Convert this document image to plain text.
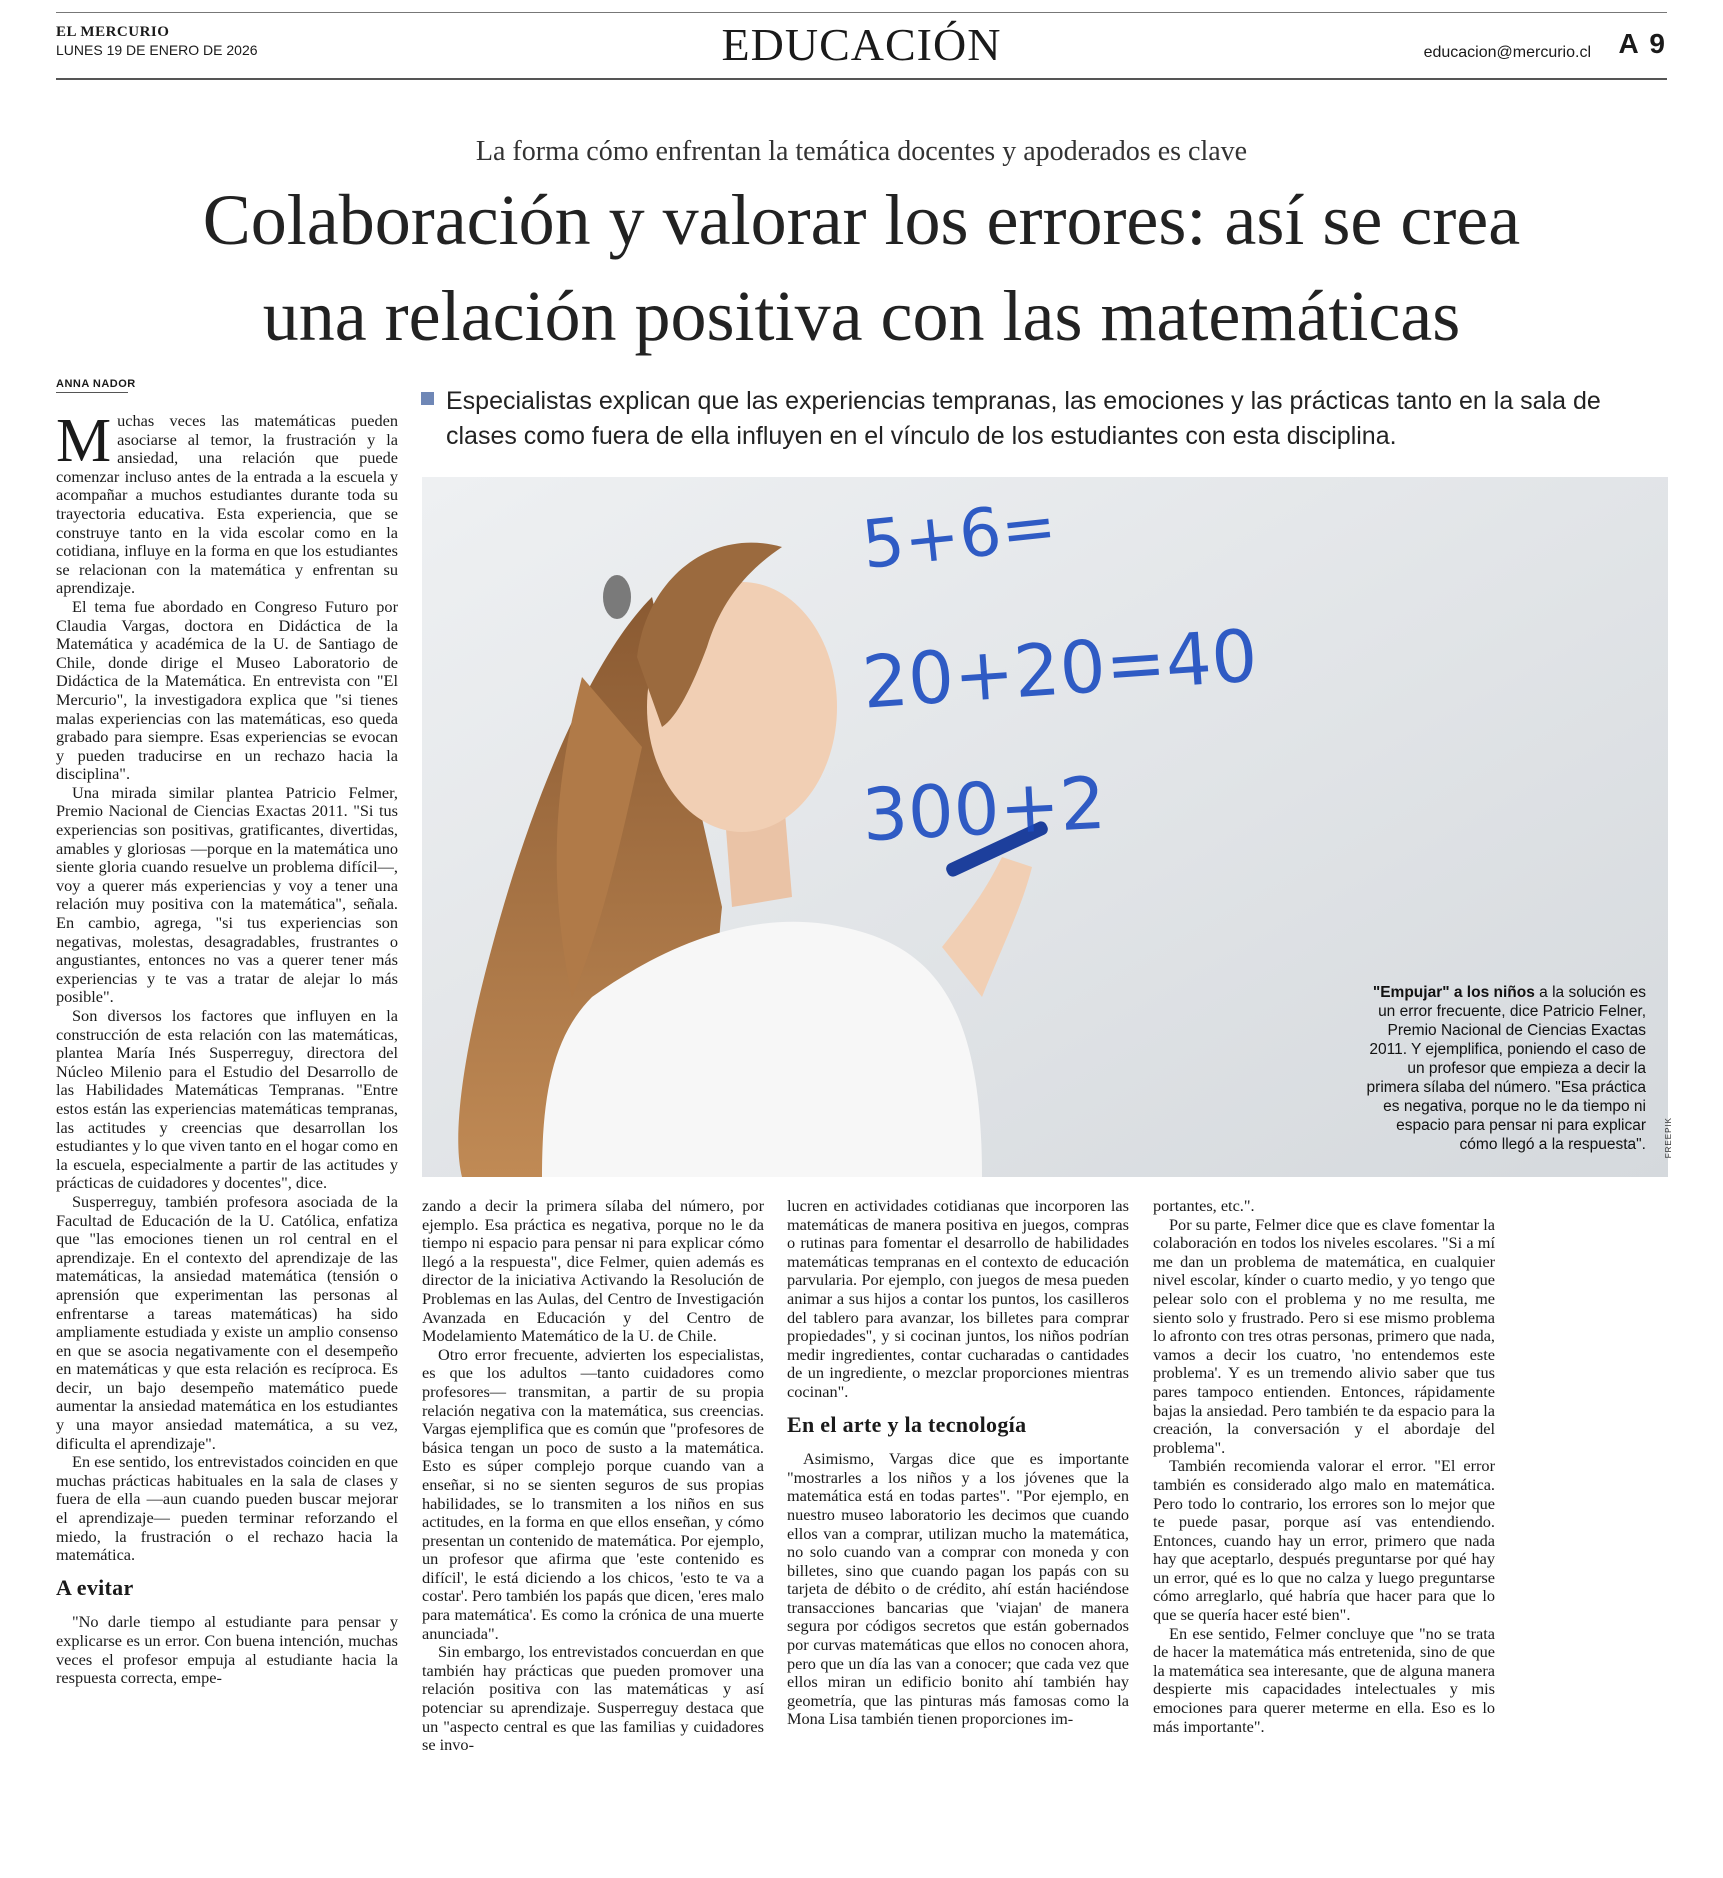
EL MERCURIO
LUNES 19 DE ENERO DE 2026	EDUCACIÓN	educacion@mercurio.cl A 9
La forma cómo enfrentan la temática docentes y apoderados es clave
Colaboración y valorar los errores: así se crea
una relación positiva con las matemáticas
ANNA NADOR
Especialistas explican que las experiencias tempranas, las emociones y las prácticas tanto en la sala de clases como fuera de ella influyen en el vínculo de los estudiantes con esta disciplina.
5+6=
20+20=40
300+2
"Empujar" a los niños a la solución es un error frecuente, dice Patricio Felner, Premio Nacional de Ciencias Exactas 2011. Y ejemplifica, poniendo el caso de un profesor que empieza a decir la primera sílaba del número. "Esa práctica es negativa, porque no le da tiempo ni espacio para pensar ni para explicar cómo llegó a la respuesta". FREEPIK

Muchas veces las matemáticas pueden asociarse al temor, la frustración y la ansiedad, una relación que puede comenzar incluso antes de la entrada a la escuela y acompañar a muchos estudiantes durante toda su trayectoria educativa. Esta experiencia, que se construye tanto en la vida escolar como en la cotidiana, influye en la forma en que los estudiantes se relacionan con la matemática y enfrentan su aprendizaje.

El tema fue abordado en Congreso Futuro por Claudia Vargas, doctora en Didáctica de la Matemática y académica de la U. de Santiago de Chile, donde dirige el Museo Laboratorio de Didáctica de la Matemática. En entrevista con "El Mercurio", la investigadora explica que "si tienes malas experiencias con las matemáticas, eso queda grabado para siempre. Esas experiencias se evocan y pueden traducirse en un rechazo hacia la disciplina".

Una mirada similar plantea Patricio Felmer, Premio Nacional de Ciencias Exactas 2011. "Si tus experiencias son positivas, gratificantes, divertidas, amables y gloriosas —porque en la matemática uno siente gloria cuando resuelve un problema difícil—, voy a querer más experiencias y voy a tener una relación muy positiva con la matemática", señala. En cambio, agrega, "si tus experiencias son negativas, molestas, desagradables, frustrantes o angustiantes, entonces no vas a querer tener más experiencias y te vas a tratar de alejar lo más posible".

Son diversos los factores que influyen en la construcción de esta relación con las matemáticas, plantea María Inés Susperreguy, directora del Núcleo Milenio para el Estudio del Desarrollo de las Habilidades Matemáticas Tempranas. "Entre estos están las experiencias matemáticas tempranas, las actitudes y creencias que desarrollan los estudiantes y lo que viven tanto en el hogar como en la escuela, especialmente a partir de las actitudes y prácticas de cuidadores y docentes", dice.

Susperreguy, también profesora asociada de la Facultad de Educación de la U. Católica, enfatiza que "las emociones tienen un rol central en el aprendizaje. En el contexto del aprendizaje de las matemáticas, la ansiedad matemática (tensión o aprensión que experimentan las personas al enfrentarse a tareas matemáticas) ha sido ampliamente estudiada y existe un amplio consenso en que se asocia negativamente con el desempeño en matemáticas y que esta relación es recíproca. Es decir, un bajo desempeño matemático puede aumentar la ansiedad matemática en los estudiantes y una mayor ansiedad matemática, a su vez, dificulta el aprendizaje".

En ese sentido, los entrevistados coinciden en que muchas prácticas habituales en la sala de clases y fuera de ella —aun cuando pueden buscar mejorar el aprendizaje— pueden terminar reforzando el miedo, la frustración o el rechazo hacia la matemática.

A evitar

"No darle tiempo al estudiante para pensar y explicarse es un error. Con buena intención, muchas veces el profesor empuja al estudiante hacia la respuesta correcta, empe-

zando a decir la primera sílaba del número, por ejemplo. Esa práctica es negativa, porque no le da tiempo ni espacio para pensar ni para explicar cómo llegó a la respuesta", dice Felmer, quien además es director de la iniciativa Activando la Resolución de Problemas en las Aulas, del Centro de Investigación Avanzada en Educación y del Centro de Modelamiento Matemático de la U. de Chile.

Otro error frecuente, advierten los especialistas, es que los adultos —tanto cuidadores como profesores— transmitan, a partir de su propia relación negativa con la matemática, sus creencias. Vargas ejemplifica que es común que "profesores de básica tengan un poco de susto a la matemática. Esto es súper complejo porque cuando van a enseñar, si no se sienten seguros de sus propias habilidades, se lo transmiten a los niños en sus actitudes, en la forma en que ellos enseñan, y cómo presentan un contenido de matemática. Por ejemplo, un profesor que afirma que 'este contenido es difícil', le está diciendo a los chicos, 'esto te va a costar'. Pero también los papás que dicen, 'eres malo para matemática'. Es como la crónica de una muerte anunciada".

Sin embargo, los entrevistados concuerdan en que también hay prácticas que pueden promover una relación positiva con las matemáticas y así potenciar su aprendizaje. Susperreguy destaca que un "aspecto central es que las familias y cuidadores se invo-

lucren en actividades cotidianas que incorporen las matemáticas de manera positiva en juegos, compras o rutinas para fomentar el desarrollo de habilidades matemáticas tempranas en el contexto de educación parvularia. Por ejemplo, con juegos de mesa pueden animar a sus hijos a contar los puntos, los casilleros del tablero para avanzar, los billetes para comprar propiedades", y si cocinan juntos, los niños podrían medir ingredientes, contar cucharadas o cantidades de un ingrediente, o mezclar proporciones mientras cocinan".

En el arte y la tecnología

Asimismo, Vargas dice que es importante "mostrarles a los niños y a los jóvenes que la matemática está en todas partes". "Por ejemplo, en nuestro museo laboratorio les decimos que cuando ellos van a comprar, utilizan mucho la matemática, no solo cuando van a comprar con moneda y con billetes, sino que cuando pagan los papás con su tarjeta de débito o de crédito, ahí están haciéndose transacciones bancarias que 'viajan' de manera segura por códigos secretos que están gobernados por curvas matemáticas que ellos no conocen ahora, pero que un día las van a conocer; que cada vez que ellos miran un edificio bonito ahí también hay geometría, que las pinturas más famosas como la Mona Lisa también tienen proporciones im-

portantes, etc.".

Por su parte, Felmer dice que es clave fomentar la colaboración en todos los niveles escolares. "Si a mí me dan un problema de matemática, en cualquier nivel escolar, kínder o cuarto medio, y yo tengo que pelear solo con el problema y no me resulta, me siento solo y frustrado. Pero si ese mismo problema lo afronto con tres otras personas, primero que nada, vamos a decir los cuatro, 'no entendemos este problema'. Y es un tremendo alivio saber que tus pares tampoco entienden. Entonces, rápidamente bajas la ansiedad. Pero también te da espacio para la creación, la conversación y el abordaje del problema".

También recomienda valorar el error. "El error también es considerado algo malo en matemática. Pero todo lo contrario, los errores son lo mejor que te puede pasar, porque así vas entendiendo. Entonces, cuando hay un error, primero que nada hay que aceptarlo, después preguntarse por qué hay un error, qué es lo que no calza y luego preguntarse cómo arreglarlo, qué habría que hacer para que lo que se quería hacer esté bien".

En ese sentido, Felmer concluye que "no se trata de hacer la matemática más entretenida, sino de que la matemática sea interesante, que de alguna manera despierte mis capacidades intelectuales y mis emociones para querer meterme en ella. Eso es lo más importante".
